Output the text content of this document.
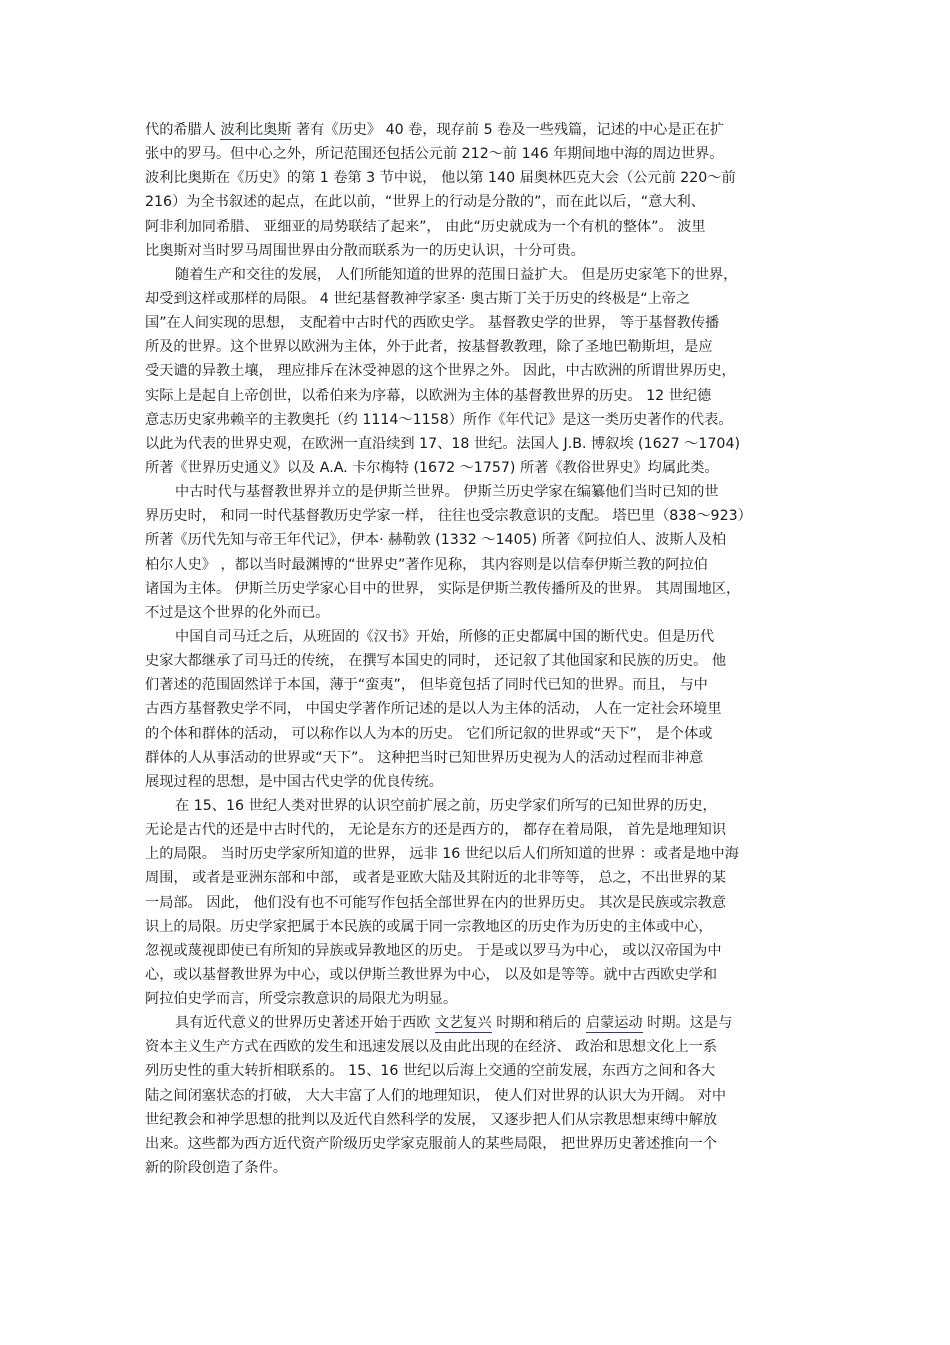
代的希腊人 波利比奥斯 著有《历史》 40 卷，现存前 5 卷及一些残篇，记述的中心是正在扩
张中的罗马。但中心之外，所记范围还包括公元前 212～前 146 年期间地中海的周边世界。
波利比奥斯在《历史》的第 1 卷第 3 节中说， 他以第 140 届奥林匹克大会（公元前 220～前
216）为全书叙述的起点，在此以前，“世界上的行动是分散的”，而在此以后，“意大利、
阿非利加同希腊、 亚细亚的局势联结了起来”， 由此“历史就成为一个有机的整体”。 波里
比奥斯对当时罗马周围世界由分散而联系为一的历史认识，十分可贵。
随着生产和交往的发展， 人们所能知道的世界的范围日益扩大。 但是历史家笔下的世界，
却受到这样或那样的局限。 4 世纪基督教神学家圣· 奥古斯丁关于历史的终极是“上帝之
国”在人间实现的思想， 支配着中古时代的西欧史学。 基督教史学的世界， 等于基督教传播
所及的世界。这个世界以欧洲为主体，外于此者，按基督教教理，除了圣地巴勒斯坦，是应
受天谴的异教土壤， 理应排斥在沐受神恩的这个世界之外。 因此，中古欧洲的所谓世界历史，
实际上是起自上帝创世，以希伯来为序幕，以欧洲为主体的基督教世界的历史。 12 世纪德
意志历史家弗赖辛的主教奥托（约 1114～1158）所作《年代记》是这一类历史著作的代表。
以此为代表的世界史观，在欧洲一直沿续到 17、18 世纪。法国人 J.B. 博叙埃 (1627 ～1704)
所著《世界历史通义》以及 A.A. 卡尔梅特 (1672 ～1757) 所著《教俗世界史》均属此类。
中古时代与基督教世界并立的是伊斯兰世界。 伊斯兰历史学家在编纂他们当时已知的世
界历史时， 和同一时代基督教历史学家一样， 往往也受宗教意识的支配。 塔巴里（838～923）
所著《历代先知与帝王年代记》，伊本· 赫勒敦 (1332 ～1405) 所著《阿拉伯人、波斯人及柏
柏尔人史》 ，都以当时最渊博的“世界史”著作见称， 其内容则是以信奉伊斯兰教的阿拉伯
诸国为主体。 伊斯兰历史学家心目中的世界， 实际是伊斯兰教传播所及的世界。 其周围地区，
不过是这个世界的化外而已。
中国自司马迁之后，从班固的《汉书》开始，所修的正史都属中国的断代史。但是历代
史家大都继承了司马迁的传统， 在撰写本国史的同时， 还记叙了其他国家和民族的历史。 他
们著述的范围固然详于本国，薄于“蛮夷”， 但毕竟包括了同时代已知的世界。而且， 与中
古西方基督教史学不同， 中国史学著作所记述的是以人为主体的活动， 人在一定社会环境里
的个体和群体的活动， 可以称作以人为本的历史。 它们所记叙的世界或“天下”， 是个体或
群体的人从事活动的世界或“天下”。 这种把当时已知世界历史视为人的活动过程而非神意
展现过程的思想，是中国古代史学的优良传统。
在 15、16 世纪人类对世界的认识空前扩展之前，历史学家们所写的已知世界的历史，
无论是古代的还是中古时代的， 无论是东方的还是西方的， 都存在着局限， 首先是地理知识
上的局限。 当时历史学家所知道的世界， 远非 16 世纪以后人们所知道的世界 ：或者是地中海
周围， 或者是亚洲东部和中部， 或者是亚欧大陆及其附近的北非等等， 总之，不出世界的某
一局部。 因此， 他们没有也不可能写作包括全部世界在内的世界历史。 其次是民族或宗教意
识上的局限。历史学家把属于本民族的或属于同一宗教地区的历史作为历史的主体或中心，
忽视或蔑视即使已有所知的异族或异教地区的历史。 于是或以罗马为中心， 或以汉帝国为中
心，或以基督教世界为中心，或以伊斯兰教世界为中心， 以及如是等等。就中古西欧史学和
阿拉伯史学而言，所受宗教意识的局限尤为明显。
具有近代意义的世界历史著述开始于西欧 文艺复兴 时期和稍后的 启蒙运动 时期。这是与
资本主义生产方式在西欧的发生和迅速发展以及由此出现的在经济、 政治和思想文化上一系
列历史性的重大转折相联系的。 15、16 世纪以后海上交通的空前发展，东西方之间和各大
陆之间闭塞状态的打破， 大大丰富了人们的地理知识， 使人们对世界的认识大为开阔。 对中
世纪教会和神学思想的批判以及近代自然科学的发展， 又逐步把人们从宗教思想束缚中解放
出来。这些都为西方近代资产阶级历史学家克服前人的某些局限， 把世界历史著述推向一个
新的阶段创造了条件。
